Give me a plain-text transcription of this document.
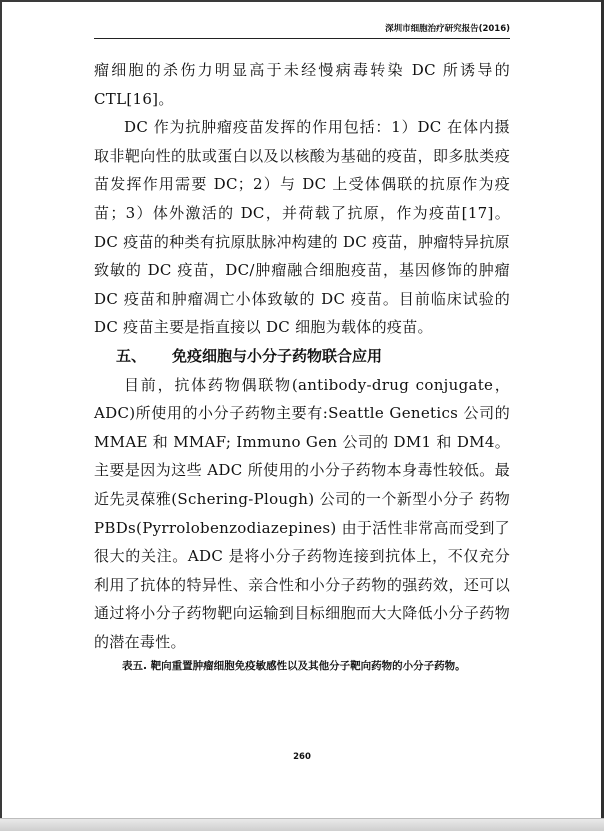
深圳市细胞治疗研究报告(2016)

瘤细胞的杀伤力明显高于未经慢病毒转染 DC 所诱导的 CTL[16]。

DC 作为抗肿瘤疫苗发挥的作用包括：1）DC 在体内摄取非靶向性的肽或蛋白以及以核酸为基础的疫苗，即多肽类疫苗发挥作用需要 DC；2）与 DC 上受体偶联的抗原作为疫苗；3）体外激活的 DC，并荷载了抗原，作为疫苗[17]。DC 疫苗的种类有抗原肽脉冲构建的 DC 疫苗，肿瘤特异抗原致敏的 DC 疫苗，DC/肿瘤融合细胞疫苗，基因修饰的肿瘤 DC 疫苗和肿瘤凋亡小体致敏的 DC 疫苗。目前临床试验的 DC 疫苗主要是指直接以 DC 细胞为载体的疫苗。

五、 免疫细胞与小分子药物联合应用

目前，抗体药物偶联物(antibody-drug conjugate，ADC)所使用的小分子药物主要有:Seattle Genetics 公司的 MMAE 和 MMAF; Immuno Gen 公司的 DM1 和 DM4。主要是因为这些 ADC 所使用的小分子药物本身毒性较低。最近先灵葆雅(Schering-Plough) 公司的一个新型小分子 药物 PBDs(Pyrrolobenzodiazepines) 由于活性非常高而受到了很大的关注。ADC 是将小分子药物连接到抗体上，不仅充分利用了抗体的特异性、亲合性和小分子药物的强药效，还可以通过将小分子药物靶向运输到目标细胞而大大降低小分子药物的潜在毒性。

表五. 靶向重置肿瘤细胞免疫敏感性以及其他分子靶向药物的小分子药物。
260
